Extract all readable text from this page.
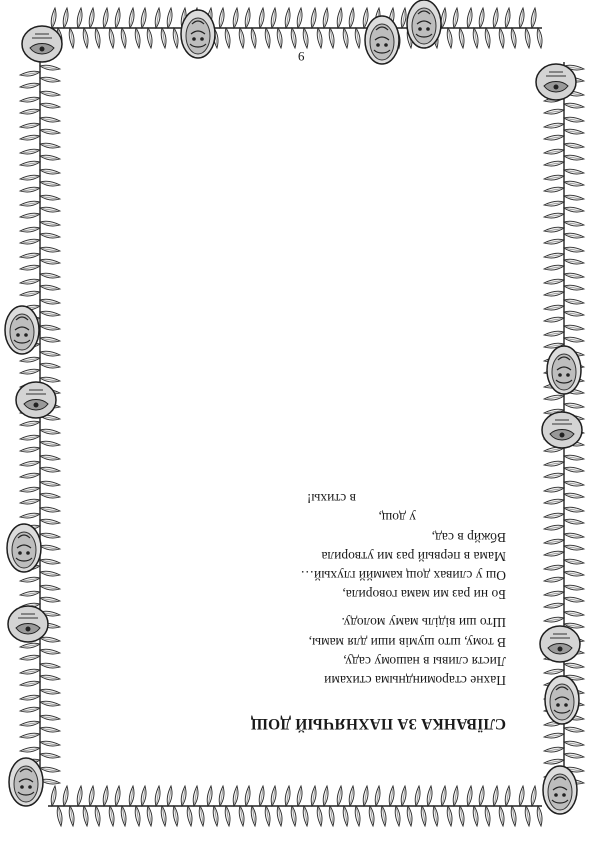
9
СЛЇВАНКА ЗА ПАХНЯЧЫЙ ДОЩ
Пахне староминдныма стихами
Листя сливы в нашому саду,
В тому, што шумів иши для мамы,
Што ши віділь маму молоду.
Бо ни раз ми мама говорила,
Ош у сливах дощ каммйй глухый…
Мама в первый раз ми утворила
Вбжйр в сад,
у дощ,
в стихы!
